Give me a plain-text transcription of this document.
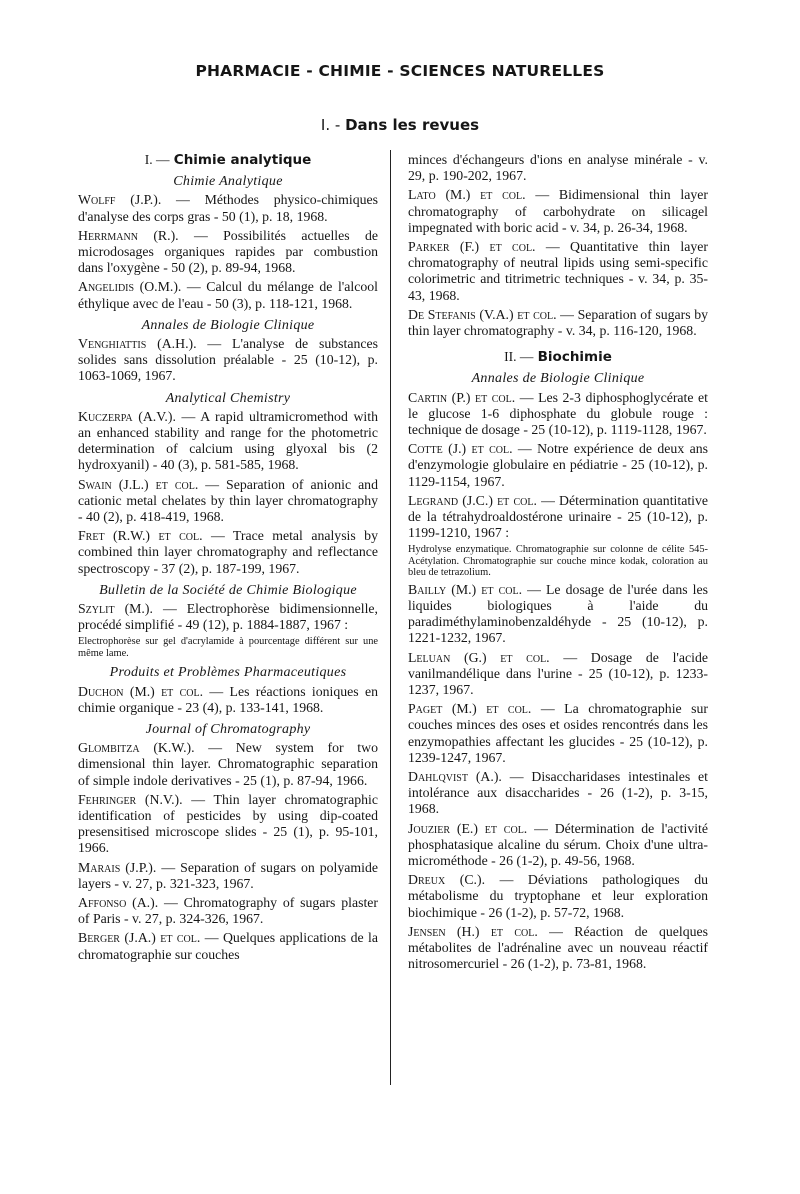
PHARMACIE - CHIMIE - SCIENCES NATURELLES
I. - Dans les revues
I. — Chimie analytique
Chimie Analytique
Wolff (J.P.). — Méthodes physico-chimiques d'analyse des corps gras - 50 (1), p. 18, 1968.
Herrmann (R.). — Possibilités actuelles de microdosages organiques rapides par combustion dans l'oxygène - 50 (2), p. 89-94, 1968.
Angelidis (O.M.). — Calcul du mélange de l'alcool éthylique avec de l'eau - 50 (3), p. 118-121, 1968.
Annales de Biologie Clinique
Venghiattis (A.H.). — L'analyse de substances solides sans dissolution préalable - 25 (10-12), p. 1063-1069, 1967.
Analytical Chemistry
Kuczerpa (A.V.). — A rapid ultramicromethod with an enhanced stability and range for the photometric determination of calcium using glyoxal bis (2 hydroxyanil) - 40 (3), p. 581-585, 1968.
Swain (J.L.) et col. — Separation of anionic and cationic metal chelates by thin layer chromatography - 40 (2), p. 418-419, 1968.
Fret (R.W.) et col. — Trace metal analysis by combined thin layer chromatography and reflectance spectroscopy - 37 (2), p. 187-199, 1967.
Bulletin de la Société de Chimie Biologique
Szylit (M.). — Electrophorèse bidimensionnelle, procédé simplifié - 49 (12), p. 1884-1887, 1967 :
Electrophorèse sur gel d'acrylamide à pourcentage différent sur une même lame.
Produits et Problèmes Pharmaceutiques
Duchon (M.) et col. — Les réactions ioniques en chimie organique - 23 (4), p. 133-141, 1968.
Journal of Chromatography
Glombitza (K.W.). — New system for two dimensional thin layer. Chromatographic separation of simple indole derivatives - 25 (1), p. 87-94, 1966.
Fehringer (N.V.). — Thin layer chromatographic identification of pesticides by using dip-coated presensitised microscope slides - 25 (1), p. 95-101, 1966.
Marais (J.P.). — Separation of sugars on polyamide layers - v. 27, p. 321-323, 1967.
Affonso (A.). — Chromatography of sugars plaster of Paris - v. 27, p. 324-326, 1967.
Berger (J.A.) et col. — Quelques applications de la chromatographie sur couches
minces d'échangeurs d'ions en analyse minérale - v. 29, p. 190-202, 1967.
Lato (M.) et col. — Bidimensional thin layer chromatography of carbohydrate on silicagel impegnated with boric acid - v. 34, p. 26-34, 1968.
Parker (F.) et col. — Quantitative thin layer chromatography of neutral lipids using semi-specific colorimetric and titrimetric techniques - v. 34, p. 35-43, 1968.
De Stefanis (V.A.) et col. — Separation of sugars by thin layer chromatography - v. 34, p. 116-120, 1968.
II. — Biochimie
Annales de Biologie Clinique
Cartin (P.) et col. — Les 2-3 diphosphoglycérate et le glucose 1-6 diphosphate du globule rouge : technique de dosage - 25 (10-12), p. 1119-1128, 1967.
Cotte (J.) et col. — Notre expérience de deux ans d'enzymologie globulaire en pédiatrie - 25 (10-12), p. 1129-1154, 1967.
Legrand (J.C.) et col. — Détermination quantitative de la tétrahydroaldostérone urinaire - 25 (10-12), p. 1199-1210, 1967 :
Hydrolyse enzymatique. Chromatographie sur colonne de célite 545-Acétylation. Chromatographie sur couche mince kodak, coloration au bleu de tetrazolium.
Bailly (M.) et col. — Le dosage de l'urée dans les liquides biologiques à l'aide du paradiméthylaminobenzaldéhyde - 25 (10-12), p. 1221-1232, 1967.
Leluan (G.) et col. — Dosage de l'acide vanilmandélique dans l'urine - 25 (10-12), p. 1233-1237, 1967.
Paget (M.) et col. — La chromatographie sur couches minces des oses et osides rencontrés dans les enzymopathies affectant les glucides - 25 (10-12), p. 1239-1247, 1967.
Dahlqvist (A.). — Disaccharidases intestinales et intolérance aux disaccharides - 26 (1-2), p. 3-15, 1968.
Jouzier (E.) et col. — Détermination de l'activité phosphatasique alcaline du sérum. Choix d'une ultra-microméthode - 26 (1-2), p. 49-56, 1968.
Dreux (C.). — Déviations pathologiques du métabolisme du tryptophane et leur exploration biochimique - 26 (1-2), p. 57-72, 1968.
Jensen (H.) et col. — Réaction de quelques métabolites de l'adrénaline avec un nouveau réactif nitrosomercuriel - 26 (1-2), p. 73-81, 1968.
